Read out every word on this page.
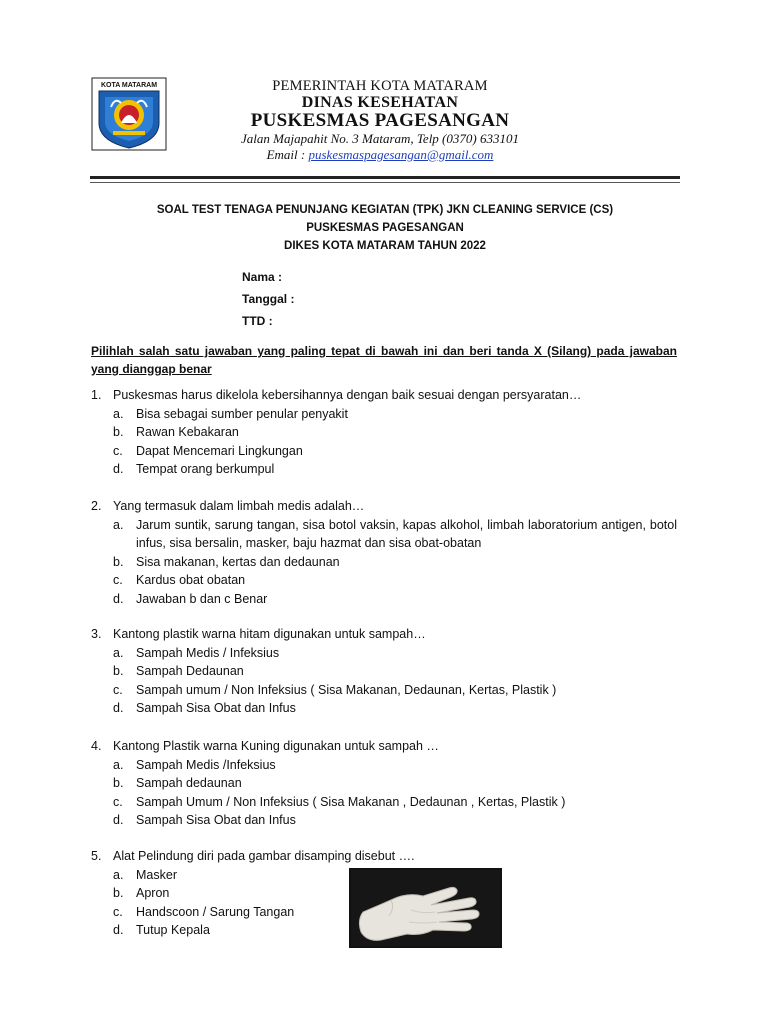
KOTA MATARAM	PEMERINTAH KOTA MATARAM
DINAS KESEHATAN
PUSKESMAS PAGESANGAN
Jalan Majapahit No. 3 Mataram, Telp (0370) 633101
Email : puskesmaspagesangan@gmail.com
SOAL TEST TENAGA PENUNJANG KEGIATAN (TPK) JKN CLEANING SERVICE (CS)
PUSKESMAS PAGESANGAN
DIKES KOTA MATARAM TAHUN 2022
Nama :
Tanggal :
TTD :
Pilihlah salah satu jawaban yang paling tepat di bawah ini dan beri tanda X (Silang) pada jawaban yang dianggap benar
1. Puskesmas harus dikelola kebersihannya dengan baik sesuai dengan persyaratan…
a. Bisa sebagai sumber penular penyakit
b. Rawan Kebakaran
c. Dapat Mencemari Lingkungan
d. Tempat orang berkumpul
2. Yang termasuk dalam limbah medis adalah…
a. Jarum suntik, sarung tangan, sisa botol vaksin, kapas alkohol, limbah laboratorium antigen, botol infus, sisa bersalin, masker, baju hazmat dan sisa obat-obatan
b. Sisa makanan, kertas dan dedaunan
c. Kardus obat obatan
d. Jawaban b dan c Benar
3. Kantong plastik warna hitam digunakan untuk sampah…
a. Sampah Medis / Infeksius
b. Sampah Dedaunan
c. Sampah umum / Non Infeksius ( Sisa Makanan, Dedaunan, Kertas, Plastik )
d. Sampah Sisa Obat dan Infus
4. Kantong Plastik warna Kuning digunakan untuk sampah …
a. Sampah Medis /Infeksius
b. Sampah dedaunan
c. Sampah Umum / Non Infeksius ( Sisa Makanan , Dedaunan , Kertas, Plastik )
d. Sampah Sisa Obat dan Infus
5. Alat Pelindung diri pada gambar disamping disebut ….
a. Masker
b. Apron
c. Handscoon / Sarung Tangan
d. Tutup Kepala
